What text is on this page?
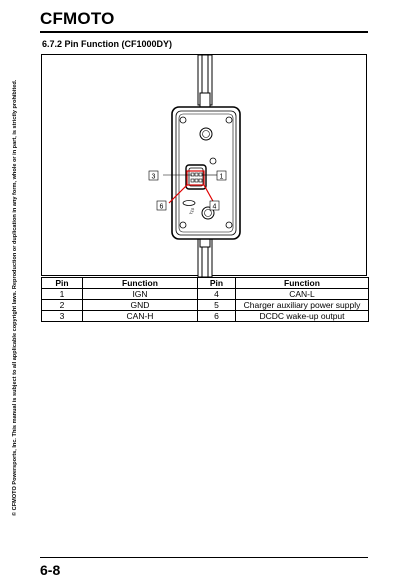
CFMOTO
6.7.2 Pin Function (CF1000DY)
T10
3	1
6	4
Pin	Function	Pin	Function
1	IGN	4	CAN-L
2	GND	5	Charger auxiliary power supply
3	CAN-H	6	DCDC wake-up output
© CFMOTO Powersports, Inc. This manual is subject to all applicable copyright laws. Reproduction or duplication in any form, whole or in part, is strictly prohibited.
6-8
